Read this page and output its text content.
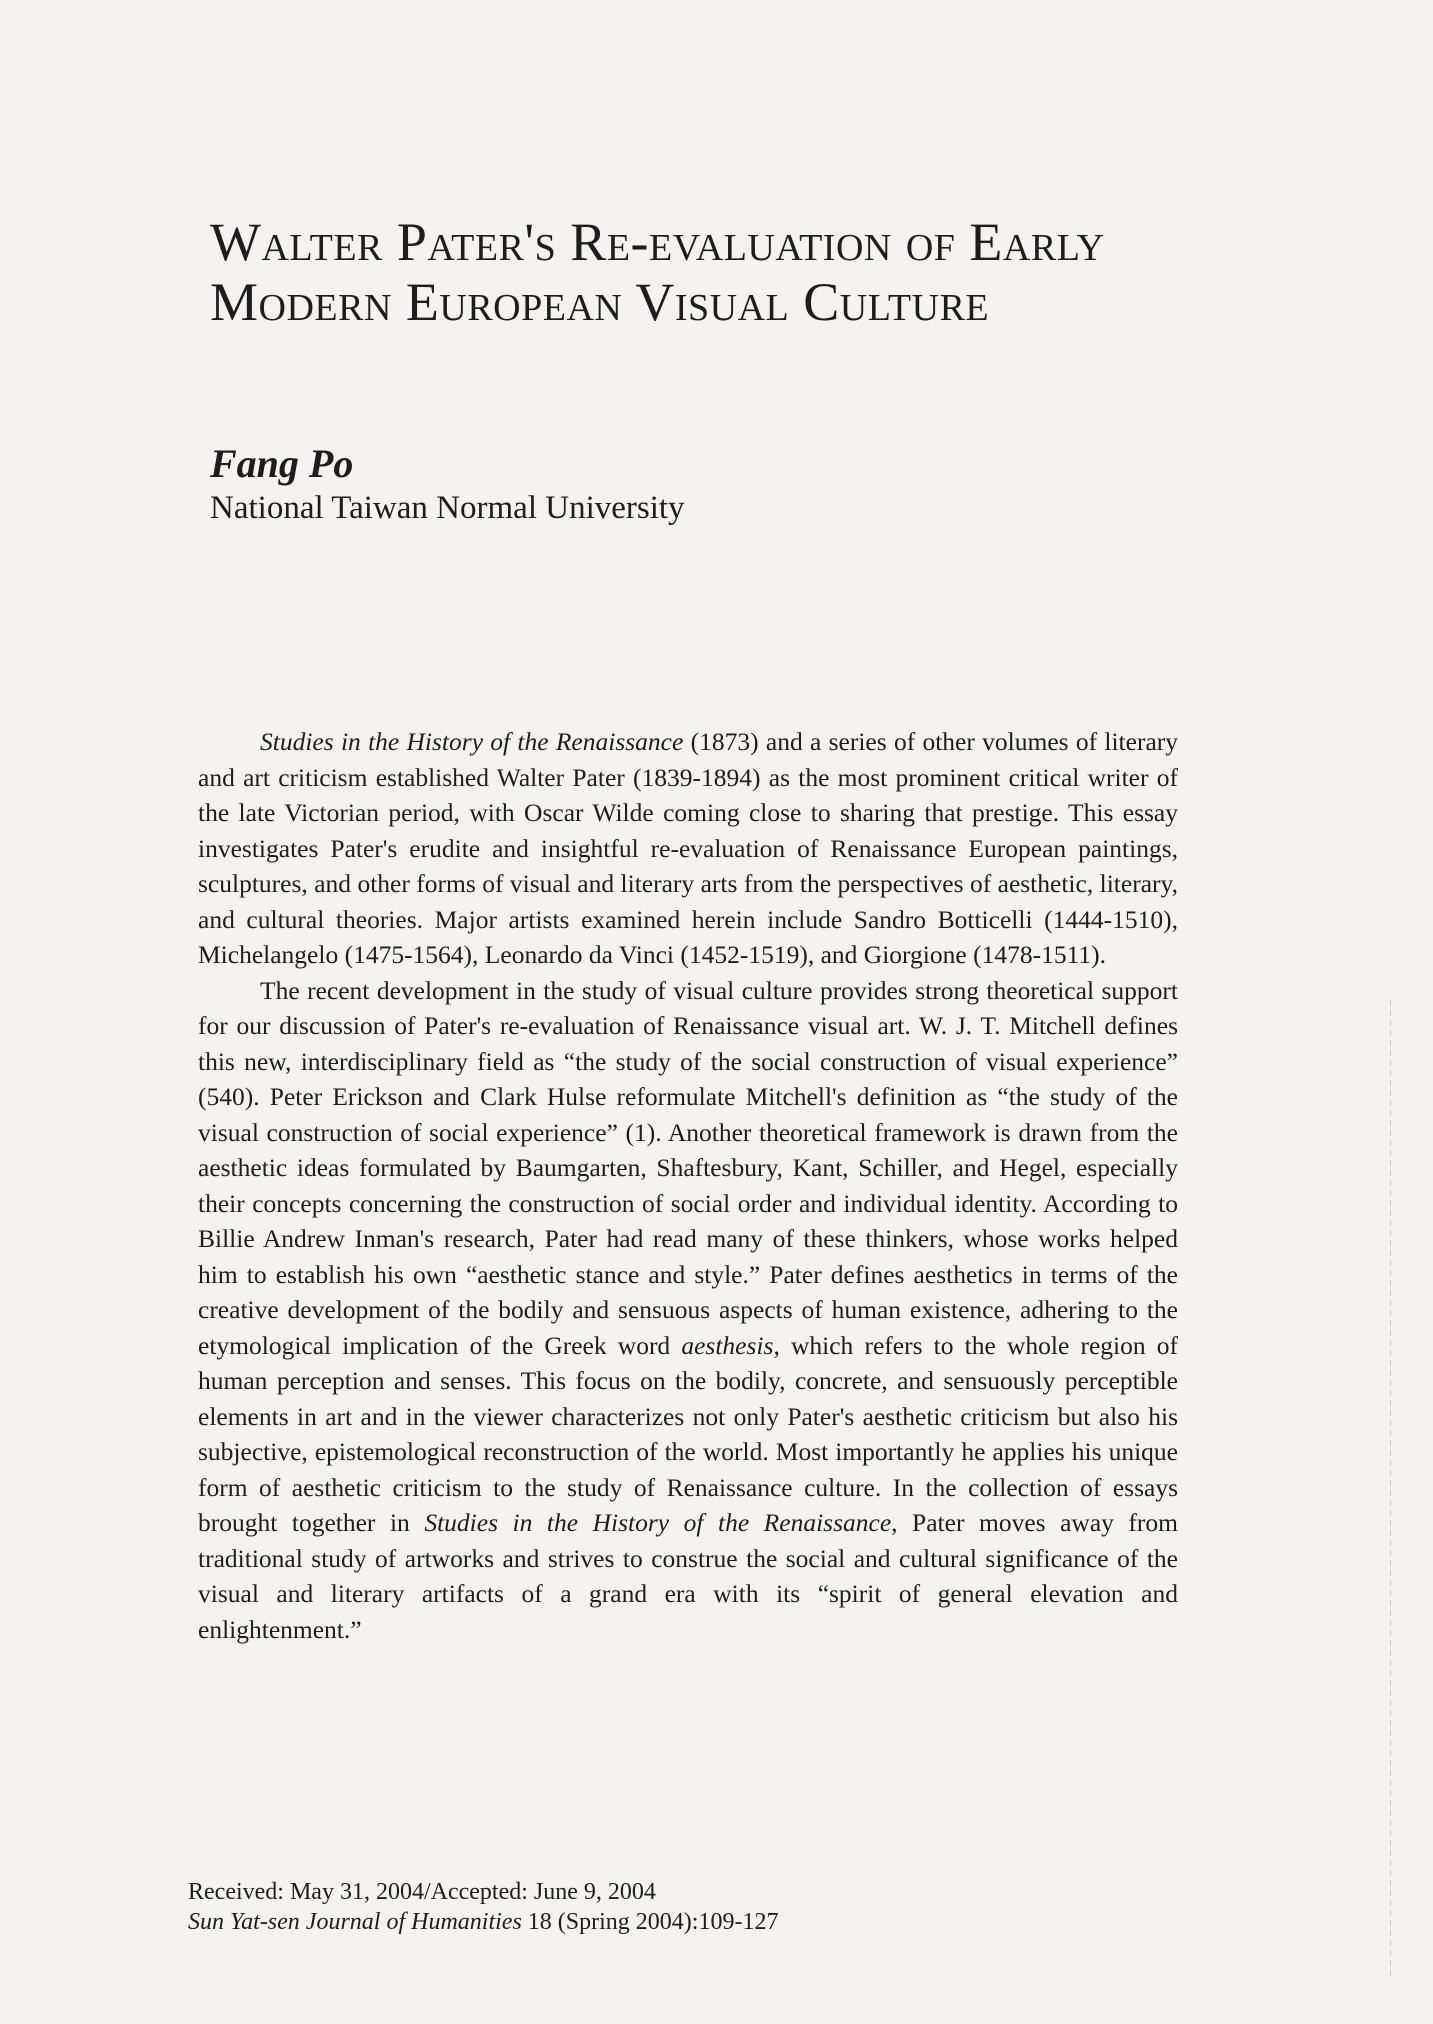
Walter Pater's Re-evaluation of Early Modern European Visual Culture

Fang Po

National Taiwan Normal University

Studies in the History of the Renaissance (1873) and a series of other volumes of literary and art criticism established Walter Pater (1839-1894) as the most prominent critical writer of the late Victorian period, with Oscar Wilde coming close to sharing that prestige. This essay investigates Pater's erudite and insightful re-evaluation of Renaissance European paintings, sculptures, and other forms of visual and literary arts from the perspectives of aesthetic, literary, and cultural theories. Major artists examined herein include Sandro Botticelli (1444-1510), Michelangelo (1475-1564), Leonardo da Vinci (1452-1519), and Giorgione (1478-1511).

The recent development in the study of visual culture provides strong theoretical support for our discussion of Pater's re-evaluation of Renaissance visual art. W. J. T. Mitchell defines this new, interdisciplinary field as “the study of the social construction of visual experience” (540). Peter Erickson and Clark Hulse reformulate Mitchell's definition as “the study of the visual construction of social experience” (1). Another theoretical framework is drawn from the aesthetic ideas formulated by Baumgarten, Shaftesbury, Kant, Schiller, and Hegel, especially their concepts concerning the construction of social order and individual identity. According to Billie Andrew Inman's research, Pater had read many of these thinkers, whose works helped him to establish his own “aesthetic stance and style.” Pater defines aesthetics in terms of the creative development of the bodily and sensuous aspects of human existence, adhering to the etymological implication of the Greek word aesthesis, which refers to the whole region of human perception and senses. This focus on the bodily, concrete, and sensuously perceptible elements in art and in the viewer characterizes not only Pater's aesthetic criticism but also his subjective, epistemological reconstruction of the world. Most importantly he applies his unique form of aesthetic criticism to the study of Renaissance culture. In the collection of essays brought together in Studies in the History of the Renaissance, Pater moves away from traditional study of artworks and strives to construe the social and cultural significance of the visual and literary artifacts of a grand era with its “spirit of general elevation and enlightenment.”

Received: May 31, 2004/Accepted: June 9, 2004
Sun Yat-sen Journal of Humanities 18 (Spring 2004):109-127
